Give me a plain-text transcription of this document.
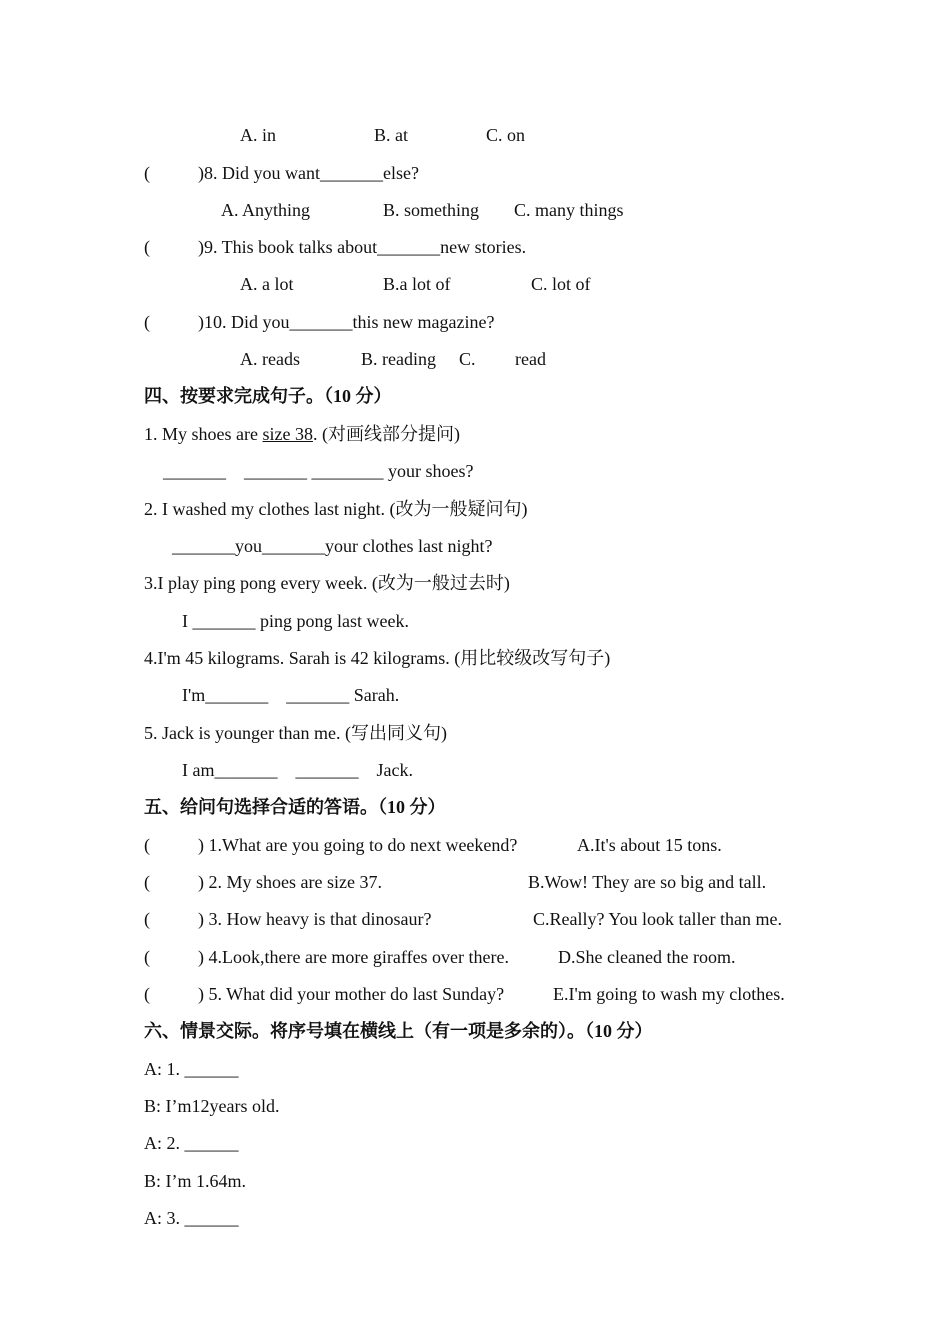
A. in	B. at	C. on
(	)8. Did you want_______else?
A. Anything	B. something C. many things
(	)9. This book talks about_______new stories.
A. a lot	B.a lot of	C. lot of
(	)10. Did you_______this new magazine?
A. reads	B. reading C. read
四、按要求完成句子。（10 分）
1. My shoes are size 38. (对画线部分提问)
_______    _______ ________ your shoes?
2. I washed my clothes last night. (改为一般疑问句)
_______you_______your clothes last night?
3.I play ping pong every week. (改为一般过去时)
I _______ ping pong last week.
4.I'm 45 kilograms. Sarah is 42 kilograms. (用比较级改写句子)
I'm_______    _______ Sarah.
5. Jack is younger than me. (写出同义句)
I am_______    _______    Jack.
五、给问句选择合适的答语。（10 分）
(	) 1.What are you going to do next weekend?	A.It's about 15 tons.
(	) 2. My shoes are size 37.	B.Wow! They are so big and tall.
(	) 3. How heavy is that dinosaur?	C.Really? You look taller than me.
(	) 4.Look,there are more giraffes over there.	D.She cleaned the room.
(	) 5. What did your mother do last Sunday?	E.I'm going to wash my clothes.
六、情景交际。将序号填在横线上（有一项是多余的）。（10 分）
A: 1. ______
B: I’m12years old.
A: 2. ______
B: I’m 1.64m.
A: 3. ______
